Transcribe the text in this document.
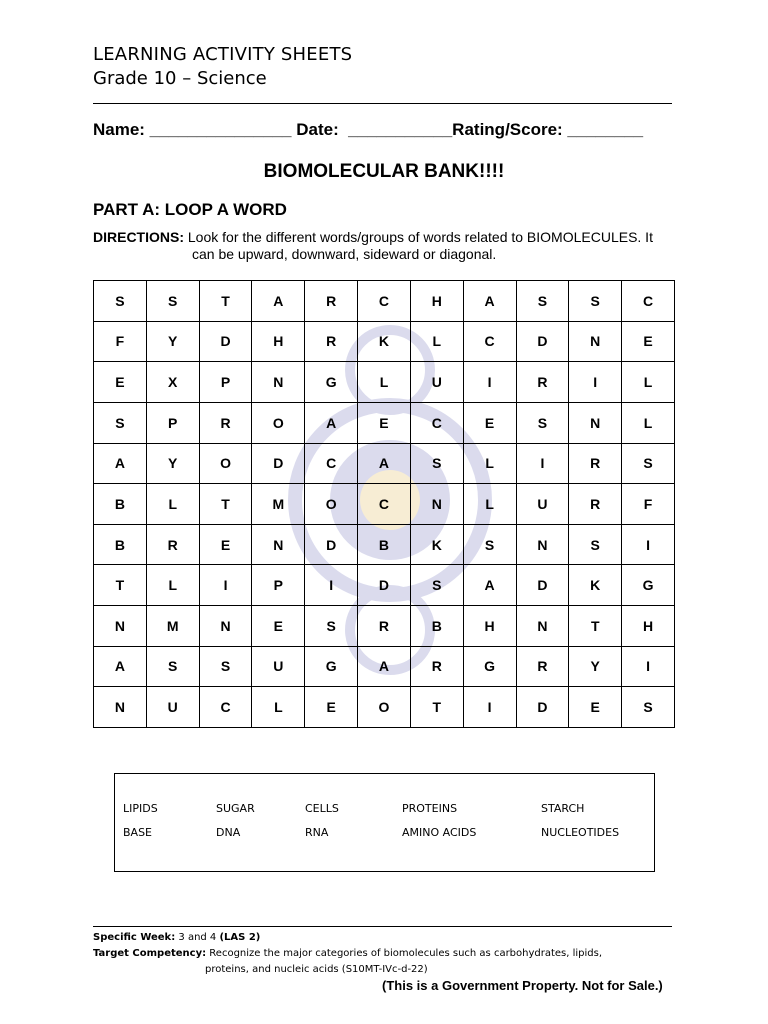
LEARNING ACTIVITY SHEETS
Grade 10 – Science
Name: _______________ Date:  ___________Rating/Score: ________
BIOMOLECULAR BANK!!!!
PART A: LOOP A WORD
DIRECTIONS: Look for the different words/groups of words related to BIOMOLECULES. It
can be upward, downward, sideward or diagonal.
S	S	T	A	R	C	H	A	S	S	C
F	Y	D	H	R	K	L	C	D	N	E
E	X	P	N	G	L	U	I	R	I	L
S	P	R	O	A	E	C	E	S	N	L
A	Y	O	D	C	A	S	L	I	R	S
B	L	T	M	O	C	N	L	U	R	F
B	R	E	N	D	B	K	S	N	S	I
T	L	I	P	I	D	S	A	D	K	G
N	M	N	E	S	R	B	H	N	T	H
A	S	S	U	G	A	R	G	R	Y	I
N	U	C	L	E	O	T	I	D	E	S
LIPIDS	SUGAR	CELLS	PROTEINS	STARCH
BASE	DNA	RNA	AMINO ACIDS	NUCLEOTIDES
Specific Week: 3 and 4 (LAS 2)
Target Competency: Recognize the major categories of biomolecules such as carbohydrates, lipids,
proteins, and nucleic acids (S10MT-IVc-d-22)
(This is a Government Property. Not for Sale.)
